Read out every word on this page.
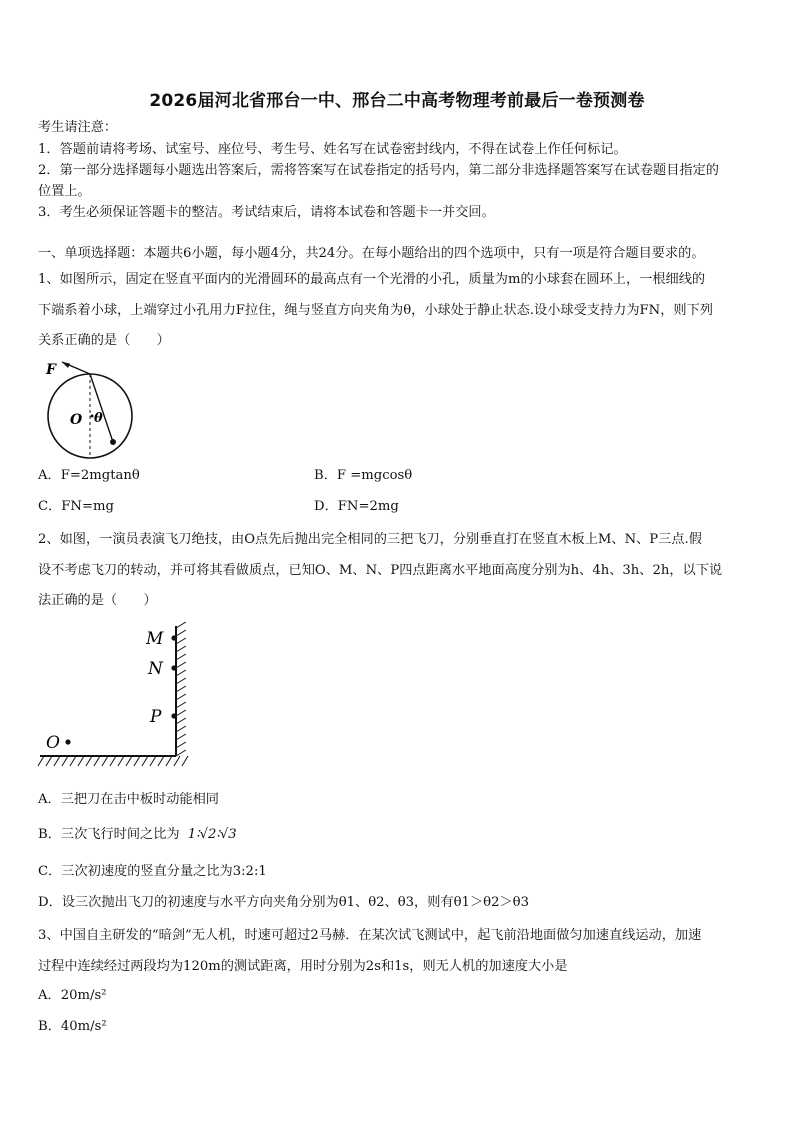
2026届河北省邢台一中、邢台二中高考物理考前最后一卷预测卷
考生请注意：
1．答题前请将考场、试室号、座位号、考生号、姓名写在试卷密封线内，不得在试卷上作任何标记。
2．第一部分选择题每小题选出答案后，需将答案写在试卷指定的括号内，第二部分非选择题答案写在试卷题目指定的
位置上。
3．考生必须保证答题卡的整洁。考试结束后，请将本试卷和答题卡一并交回。
一、单项选择题：本题共6小题，每小题4分，共24分。在每小题给出的四个选项中，只有一项是符合题目要求的。
1、如图所示，固定在竖直平面内的光滑圆环的最高点有一个光滑的小孔，质量为m的小球套在圆环上，一根细线的
下端系着小球，上端穿过小孔用力F拉住，绳与竖直方向夹角为θ，小球处于静止状态.设小球受支持力为FN，则下列
关系正确的是（　　）
F
O θ
A．F=2mgtanθ	B．F =mgcosθ
C．FN=mg	D．FN=2mg
2、如图，一演员表演飞刀绝技，由O点先后抛出完全相同的三把飞刀，分别垂直打在竖直木板上M、N、P三点.假
设不考虑飞刀的转动，并可将其看做质点，已知O、M、N、P四点距离水平地面高度分别为h、4h、3h、2h，以下说
法正确的是（　　）
M
N
P
O
A．三把刀在击中板时动能相同
B．三次飞行时间之比为 1∶√2∶√3
C．三次初速度的竖直分量之比为3:2:1
D．设三次抛出飞刀的初速度与水平方向夹角分别为θ1、θ2、θ3，则有θ1＞θ2＞θ3
3、中国自主研发的“暗剑”无人机，时速可超过2马赫．在某次试飞测试中，起飞前沿地面做匀加速直线运动，加速
过程中连续经过两段均为120m的测试距离，用时分别为2s和1s，则无人机的加速度大小是
A．20m/s²
B．40m/s²
